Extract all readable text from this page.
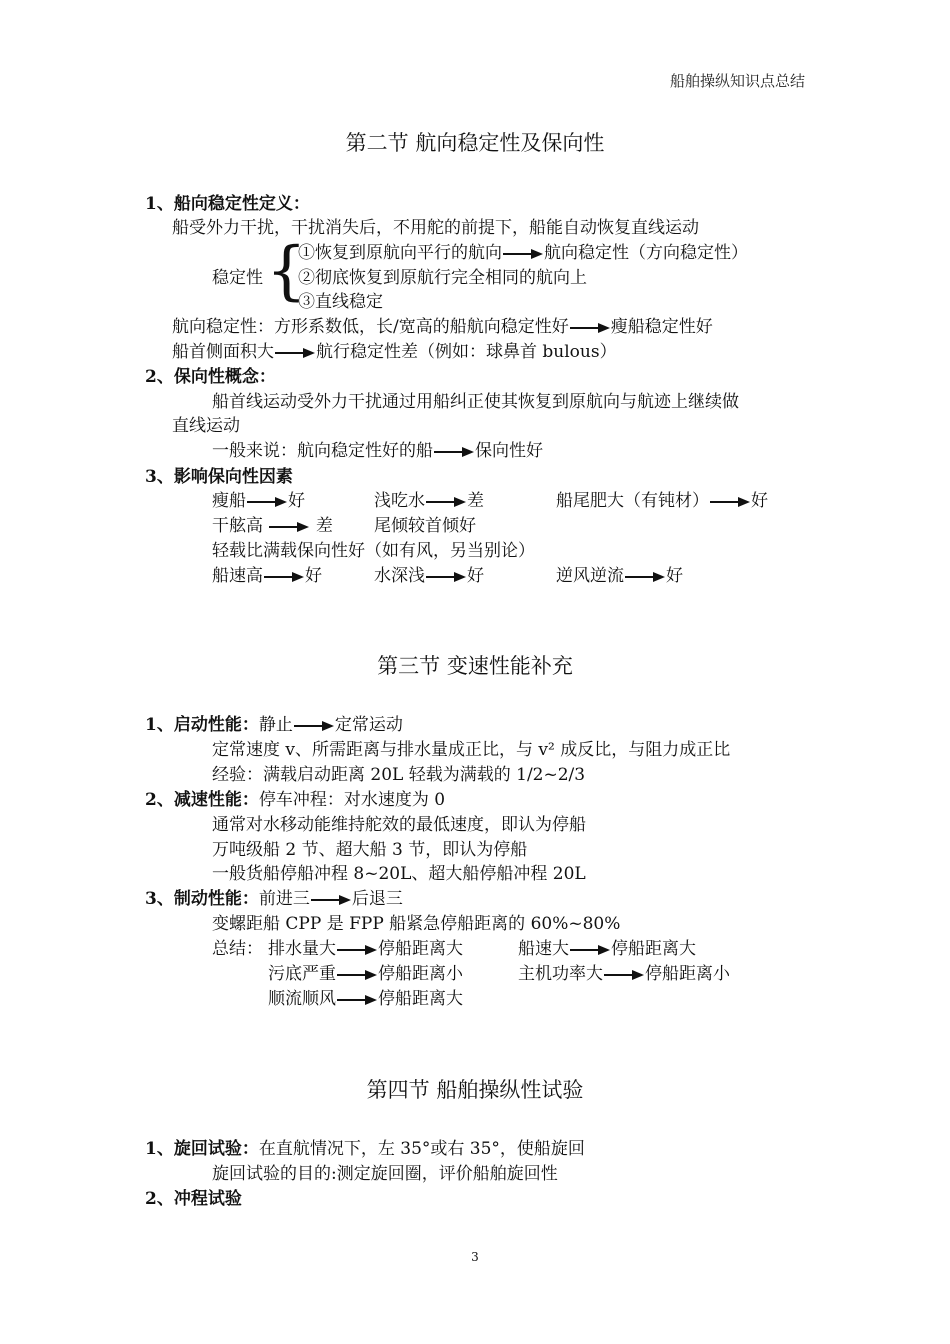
船舶操纵知识点总结
第二节 航向稳定性及保向性
1、船向稳定性定义：
船受外力干扰，干扰消失后，不用舵的前提下，船能自动恢复直线运动
稳定性 {
①恢复到原航向平行的航向 航向稳定性（方向稳定性）
②彻底恢复到原航行完全相同的航向上
③直线稳定
航向稳定性：方形系数低，长/宽高的船航向稳定性好 瘦船稳定性好
船首侧面积大 航行稳定性差（例如：球鼻首 bulous）
2、保向性概念：
船首线运动受外力干扰通过用船纠正使其恢复到原航向与航迹上继续做
直线运动
一般来说：航向稳定性好的船 保向性好
3、影响保向性因素
瘦船 好	浅吃水 差	船尾肥大（有钝材） 好
干舷高	差 尾倾较首倾好
轻载比满载保向性好（如有风，另当别论）
船速高 好	水深浅 好	逆风逆流 好
第三节 变速性能补充
1、启动性能：静止 定常运动
定常速度 v、所需距离与排水量成正比，与 v² 成反比，与阻力成正比
经验：满载启动距离 20L 轻载为满载的 1/2~2/3
2、减速性能：停车冲程：对水速度为 0
通常对水移动能维持舵效的最低速度，即认为停船
万吨级船 2 节、超大船 3 节，即认为停船
一般货船停船冲程 8~20L、超大船停船冲程 20L
3、制动性能：前进三 后退三
变螺距船 CPP 是 FPP 船紧急停船距离的 60%~80%
总结： 排水量大 停船距离大	船速大 停船距离大
污底严重 停船距离小	主机功率大 停船距离小
顺流顺风 停船距离大
第四节 船舶操纵性试验
1、旋回试验：在直航情况下，左 35°或右 35°，使船旋回
旋回试验的目的:测定旋回圈，评价船舶旋回性
2、冲程试验
3
